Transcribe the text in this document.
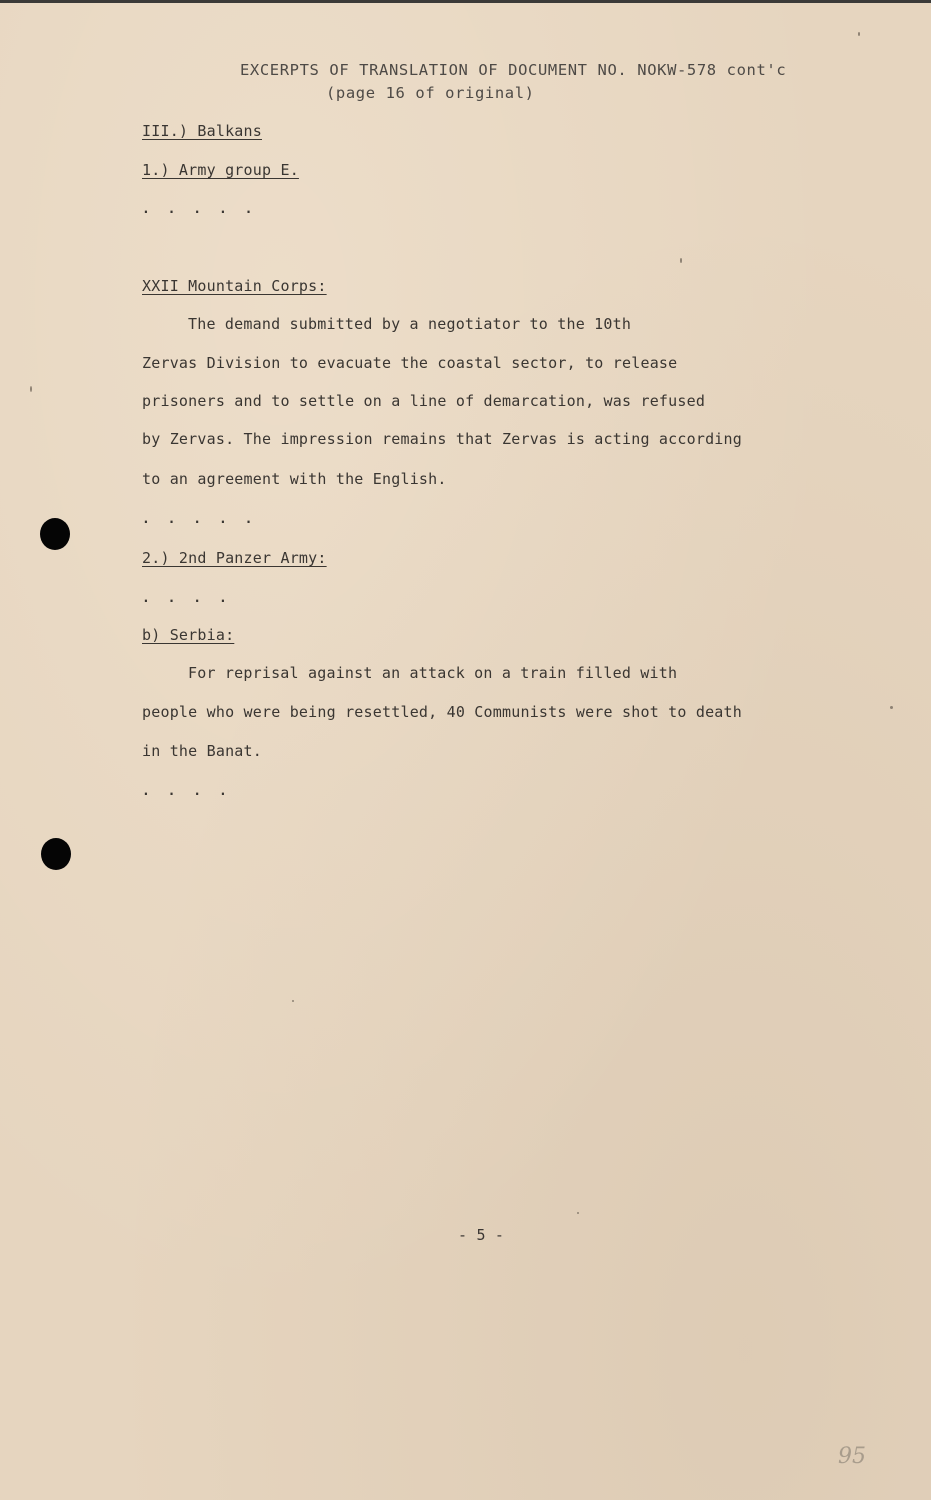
EXCERPTS OF TRANSLATION OF DOCUMENT NO. NOKW-578 cont'c
(page 16 of original)
III.) Balkans
1.) Army group E.
. . . . .
XXII Mountain Corps:
The demand submitted by a negotiator to the 10th
Zervas Division to evacuate the coastal sector, to release
prisoners and to settle on a line of demarcation, was refused
by Zervas. The impression remains that Zervas is acting according
to an agreement with the English.
. . . . .
2.) 2nd Panzer Army:
. . . .
b) Serbia:
For reprisal against an attack on a train filled with
people who were being resettled, 40 Communists were shot to death
in the Banat.
. . . .
- 5 -
95
